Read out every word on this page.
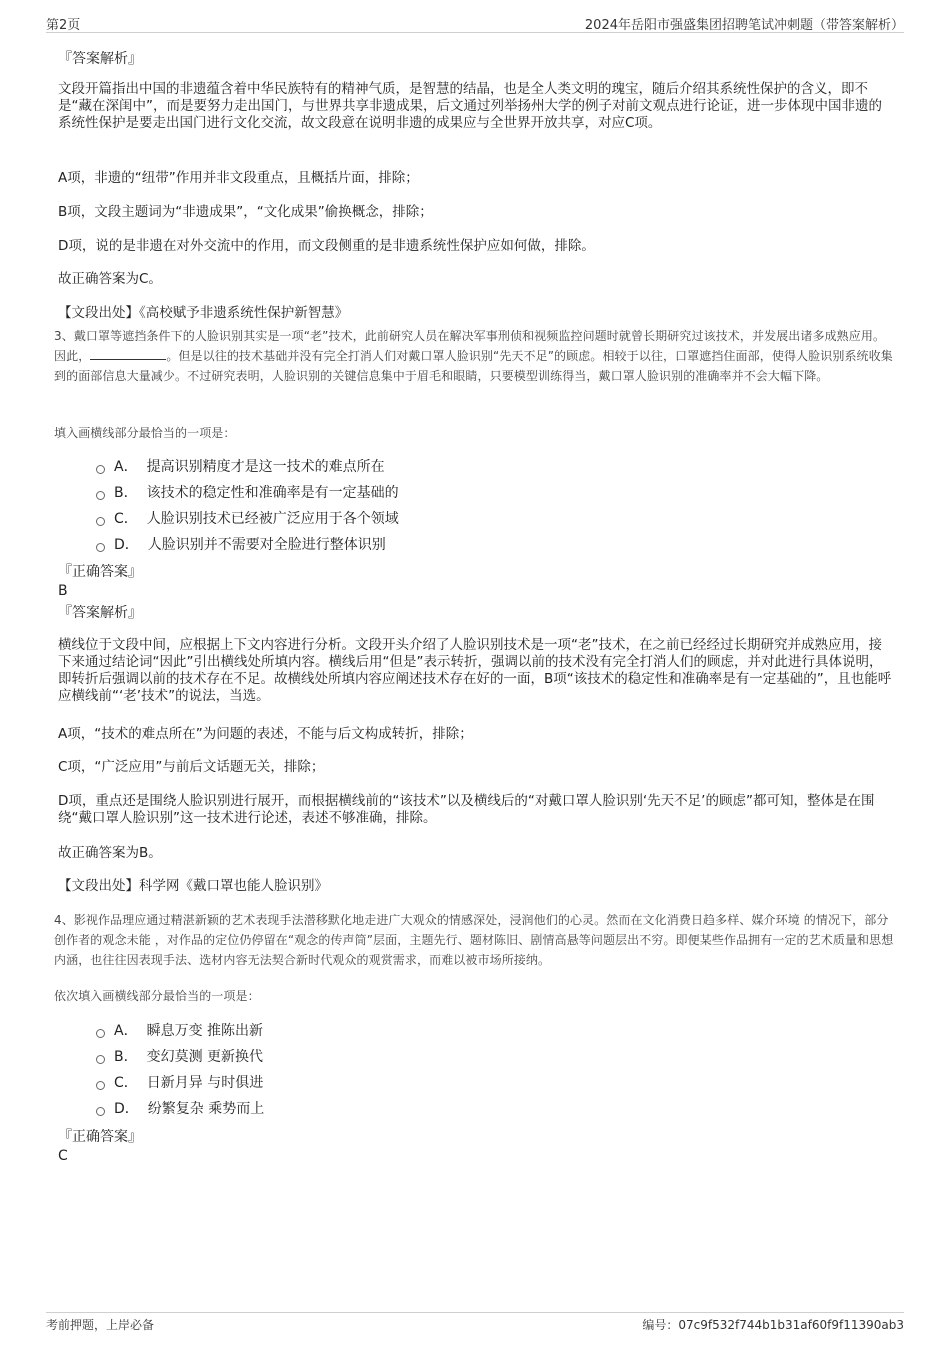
第2页	2024年岳阳市强盛集团招聘笔试冲刺题（带答案解析）
『答案解析』

文段开篇指出中国的非遗蕴含着中华民族特有的精神气质，是智慧的结晶，也是全人类文明的瑰宝，随后介绍其系统性保护的含义，即不是“藏在深闺中”，而是要努力走出国门，与世界共享非遗成果，后文通过列举扬州大学的例子对前文观点进行论证，进一步体现中国非遗的系统性保护是要走出国门进行文化交流，故文段意在说明非遗的成果应与全世界开放共享，对应C项。

A项，非遗的“纽带”作用并非文段重点，且概括片面，排除；

B项，文段主题词为“非遗成果”，“文化成果”偷换概念，排除；

D项，说的是非遗在对外交流中的作用，而文段侧重的是非遗系统性保护应如何做，排除。

故正确答案为C。

【文段出处】《高校赋予非遗系统性保护新智慧》

3、戴口罩等遮挡条件下的人脸识别其实是一项“老”技术，此前研究人员在解决军事刑侦和视频监控问题时就曾长期研究过该技术，并发展出诸多成熟应用。因此，	。但是以往的技术基础并没有完全打消人们对戴口罩人脸识别“先天不足”的顾虑。相较于以往，口罩遮挡住面部，使得人脸识别系统收集到的面部信息大量减少。不过研究表明，人脸识别的关键信息集中于眉毛和眼睛，只要模型训练得当，戴口罩人脸识别的准确率并不会大幅下降。

填入画横线部分最恰当的一项是：

A． 提高识别精度才是这一技术的难点所在
B． 该技术的稳定性和准确率是有一定基础的
C． 人脸识别技术已经被广泛应用于各个领域
D． 人脸识别并不需要对全脸进行整体识别
『正确答案』
B
『答案解析』

横线位于文段中间，应根据上下文内容进行分析。文段开头介绍了人脸识别技术是一项“老”技术，在之前已经经过长期研究并成熟应用，接下来通过结论词“因此”引出横线处所填内容。横线后用“但是”表示转折，强调以前的技术没有完全打消人们的顾虑，并对此进行具体说明，即转折后强调以前的技术存在不足。故横线处所填内容应阐述技术存在好的一面，B项“该技术的稳定性和准确率是有一定基础的”，且也能呼应横线前“‘老’技术”的说法，当选。

A项，“技术的难点所在”为问题的表述，不能与后文构成转折，排除；

C项，“广泛应用”与前后文话题无关，排除；

D项，重点还是围绕人脸识别进行展开，而根据横线前的“该技术”以及横线后的“对戴口罩人脸识别‘先天不足’的顾虑”都可知，整体是在围绕“戴口罩人脸识别”这一技术进行论述，表述不够准确，排除。

故正确答案为B。

【文段出处】科学网《戴口罩也能人脸识别》

4、影视作品理应通过精湛新颖的艺术表现手法潜移默化地走进广大观众的情感深处，浸润他们的心灵。然而在文化消费日趋多样、媒介环境 的情况下，部分创作者的观念未能 ，对作品的定位仍停留在“观念的传声筒”层面，主题先行、题材陈旧、剧情高悬等问题层出不穷。即便某些作品拥有一定的艺术质量和思想内涵，也往往因表现手法、选材内容无法契合新时代观众的观赏需求，而难以被市场所接纳。

依次填入画横线部分最恰当的一项是：

A． 瞬息万变 推陈出新
B． 变幻莫测 更新换代
C． 日新月异 与时俱进
D． 纷繁复杂 乘势而上
『正确答案』
C
考前押题，上岸必备	编号：07c9f532f744b1b31af60f9f11390ab3
